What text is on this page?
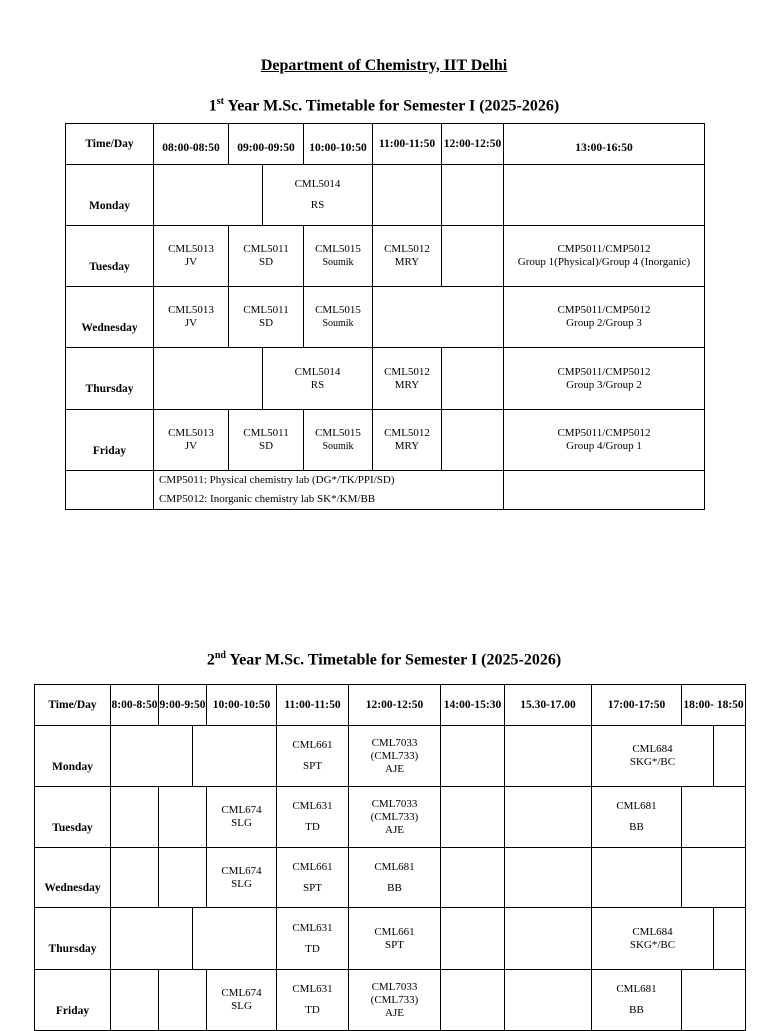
Department of Chemistry, IIT Delhi
1st Year M.Sc. Timetable for Semester I (2025-2026)
Time/Day	08:00-08:50	09:00-09:50		10:00-10:50	11:00-11:50	12:00-12:50	13:00-16:50
Monday			CML5014
RS				

Tuesday	CML5013
JV	CML5011
SD		CML5015
Soumik	CML5012
MRY		CMP5011/CMP5012
Group 1(Physical)/Group 4 (Inorganic)

Wednesday	CML5013
JV	CML5011
SD		CML5015
Soumik			CMP5011/CMP5012
Group 2/Group 3

Thursday			CML5014
RS		CML5012
MRY		CMP5011/CMP5012
Group 3/Group 2

Friday	CML5013
JV	CML5011
SD		CML5015
Soumik	CML5012
MRY		CMP5011/CMP5012
Group 4/Group 1

	CMP5011: Physical chemistry lab (DG*/TK/PPI/SD)
CMP5012: Inorganic chemistry lab SK*/KM/BB						

2nd Year M.Sc. Timetable for Semester I (2025-2026)
Time/Day	8:00-8:50	9:00-9:50		10:00-10:50	11:00-11:50	12:00-12:50	14:00-15:30	15.30-17.00	17:00-17:50	18:00- 18:50	
Monday					CML661
SPT	CML7033
(CML733)
AJE			CML684
SKG*/BC		

Tuesday				CML674
SLG	CML631
TD	CML7033
(CML733)
AJE			CML681
BB		

Wednesday				CML674
SLG	CML661
SPT	CML681
BB					

Thursday					CML631
TD	CML661
SPT			CML684
SKG*/BC		

Friday				CML674
SLG	CML631
TD	CML7033
(CML733)
AJE			CML681
BB		
